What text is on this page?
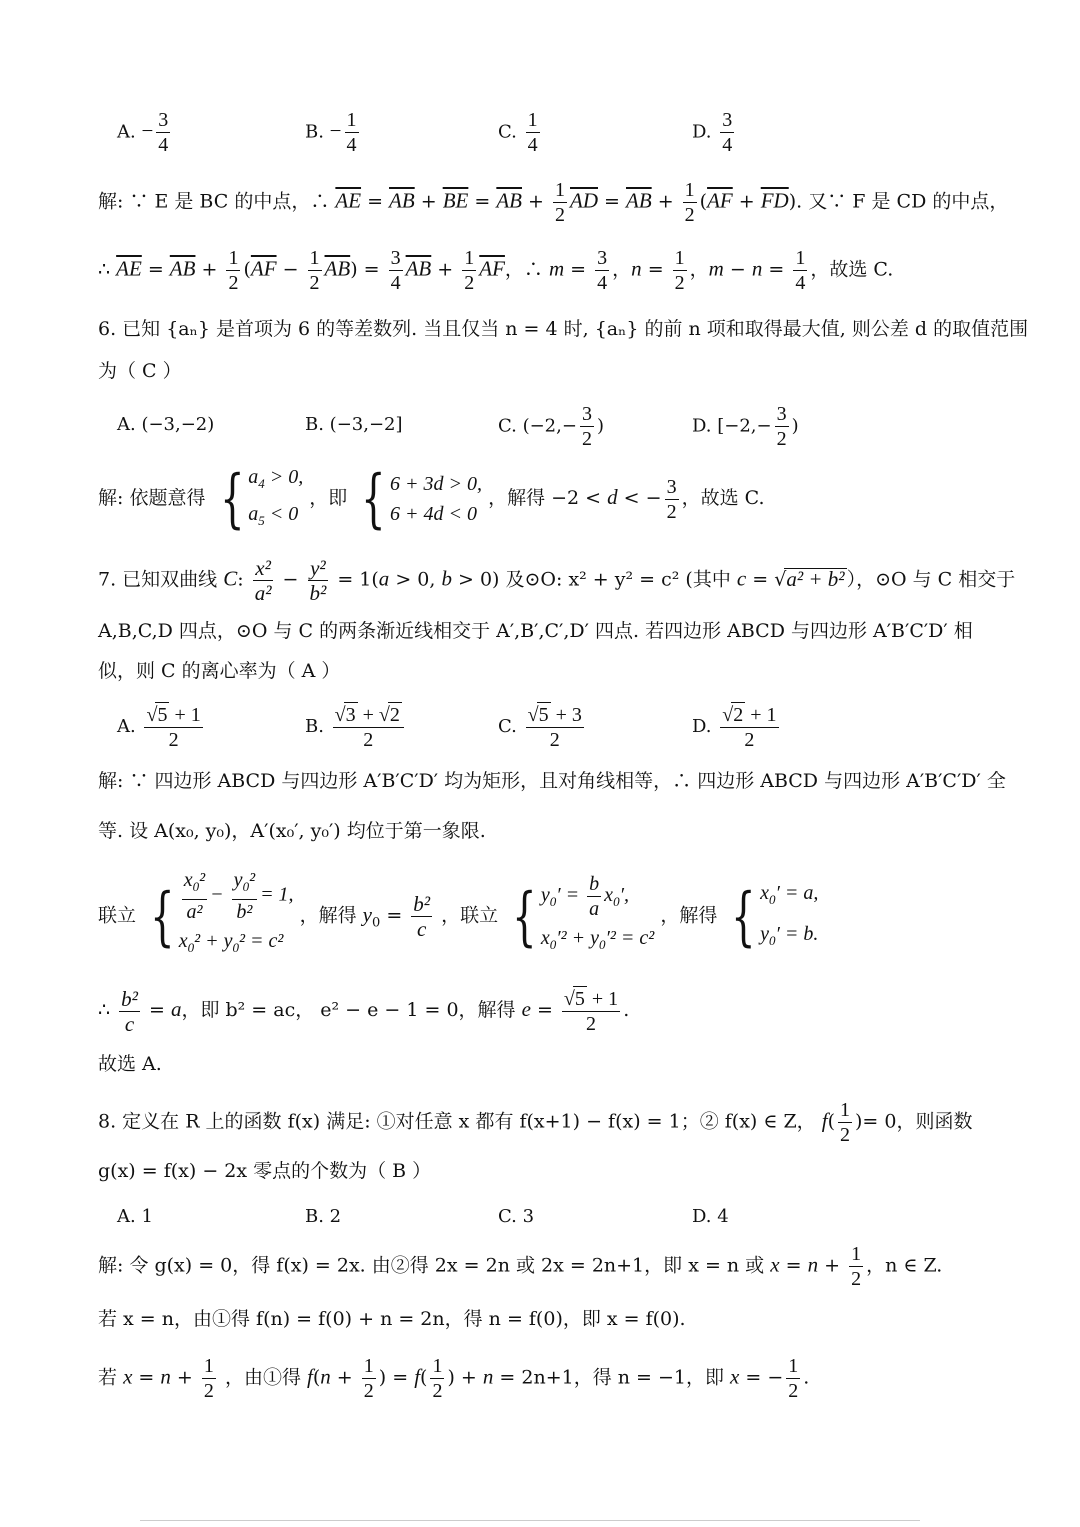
A. − $\frac{3}{4}$	B. − $\frac{1}{4}$	C. $\frac{1}{4}$	D. $\frac{3}{4}$
解: ∵ E 是 BC 的中点，∴ $\overline{AE} = \overline{AB} + \overline{BE} = \overline{AB} + \frac{1}{2} \overline{AD} = \overline{AB} + \frac{1}{2} (\overline{AF} + \overline{FD})$. 又∵ F 是 CD 的中点，
∴ $\overline{AE} = \overline{AB} + \frac{1}{2} (\overline{AF} - \frac{1}{2} \overline{AB}) = \frac{3}{4} \overline{AB} + \frac{1}{2} \overline{AF}$，∴ $m = \frac{3}{4}$ ，$n = \frac{1}{2}$ ，$m - n = \frac{1}{4}$ ，故选 C.
6. 已知 {aₙ} 是首项为 6 的等差数列. 当且仅当 n = 4 时, {aₙ} 的前 n 项和取得最大值, 则公差 d 的取值范围
为（ C ）
A. (−3,−2)	B. (−3,−2]	C. ($-2,- \frac{3}{2}$ )	D. [$-2,- \frac{3}{2}$ )
解: 依题意得 { $a_4 > 0$,
$a_5 < 0$
，即 { 6 + 3d > 0,
6 + 4d < 0
，解得 −2 < d < − $\frac{3}{2}$ ，故选 C.
7. 已知双曲线 C: $\frac{\text{x²}}{\text{a²}} - \frac{\text{y²}}{\text{b²}} = 1(a > 0$, b > 0) 及⊙O: x² + y² = c² (其中 c = √a² + b² ），⊙O 与 C 相交于
A,B,C,D 四点，⊙O 与 C 的两条渐近线相交于 A′,B′,C′,D′ 四点. 若四边形 ABCD 与四边形 A′B′C′D′ 相
似，则 C 的离心率为（ A ）
A. $\frac{√5 + 1}{2}$	B. $\frac{√3 + √2}{2}$	C. $\frac{√5 + 3}{2}$	D. $\frac{√2 + 1}{2}$
解: ∵ 四边形 ABCD 与四边形 A′B′C′D′ 均为矩形，且对角线相等，∴ 四边形 ABCD 与四边形 A′B′C′D′ 全
等. 设 A(x₀, y₀)，A′(x₀′, y₀′) 均位于第一象限.
联立 { $\frac{x_0^2}{\text{a²}} - \frac{y_0^2}{\text{b²}} = 1$,
$x_0^2 + y_0^2 = c^2$
，解得 $y_0 = \frac{\text{b²}}{c}$ ，联立 { $y_0' = \frac{b}{a} x_0'$,
$x_0'^2 + y_0'^2 = c^2$
，解得 { $x_0' = a$,
$y_0' = b$.
∴ $\frac{\text{b²}}{c} = a$，即 b² = ac， e² − e − 1 = 0，解得 $e = \frac{√5 + 1}{2}$ .
故选 A.
8. 定义在 R 上的函数 f(x) 满足: ①对任意 x 都有 f(x+1) − f(x) = 1；② f(x) ∈ Z， $f( \frac{1}{2}$ )= 0，则函数
g(x) = f(x) − 2x 零点的个数为（ B ）
A. 1	B. 2	C. 3	D. 4
解: 令 g(x) = 0，得 f(x) = 2x. 由②得 2x = 2n 或 2x = 2n+1，即 x = n 或 $x = n + \frac{1}{2}$ ，n ∈ Z.
若 x = n，由①得 f(n) = f(0) + n = 2n，得 n = f(0)，即 x = f(0).
若 $x = n + \frac{1}{2}$ ，由①得 $f(n + \frac{1}{2}$ ) = $f( \frac{1}{2}$ ) + n = 2n+1，得 n = −1，即 x = − $\frac{1}{2}$ .
